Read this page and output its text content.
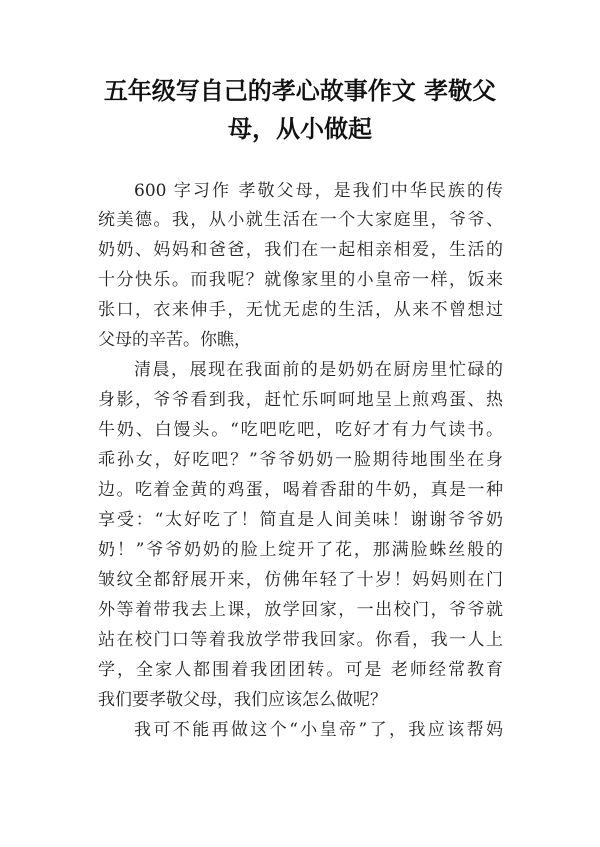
五年级写自己的孝心故事作文 孝敬父
母，从小做起
600 字习作 孝敬父母，是我们中华民族的传
统美德。我，从小就生活在一个大家庭里，爷爷、
奶奶、妈妈和爸爸，我们在一起相亲相爱，生活的
十分快乐。而我呢？就像家里的小皇帝一样，饭来
张口，衣来伸手，无忧无虑的生活，从来不曾想过
父母的辛苦。你瞧，
清晨，展现在我面前的是奶奶在厨房里忙碌的
身影，爷爷看到我，赶忙乐呵呵地呈上煎鸡蛋、热
牛奶、白馒头。“吃吧吃吧，吃好才有力气读书。
乖孙女，好吃吧？”爷爷奶奶一脸期待地围坐在身
边。吃着金黄的鸡蛋，喝着香甜的牛奶，真是一种
享受：“太好吃了！简直是人间美味！谢谢爷爷奶
奶！”爷爷奶奶的脸上绽开了花，那满脸蛛丝般的
皱纹全都舒展开来，仿佛年轻了十岁！妈妈则在门
外等着带我去上课，放学回家，一出校门，爷爷就
站在校门口等着我放学带我回家。你看，我一人上
学，全家人都围着我团团转。可是 老师经常教育
我们要孝敬父母，我们应该怎么做呢？
我可不能再做这个“小皇帝”了，我应该帮妈
